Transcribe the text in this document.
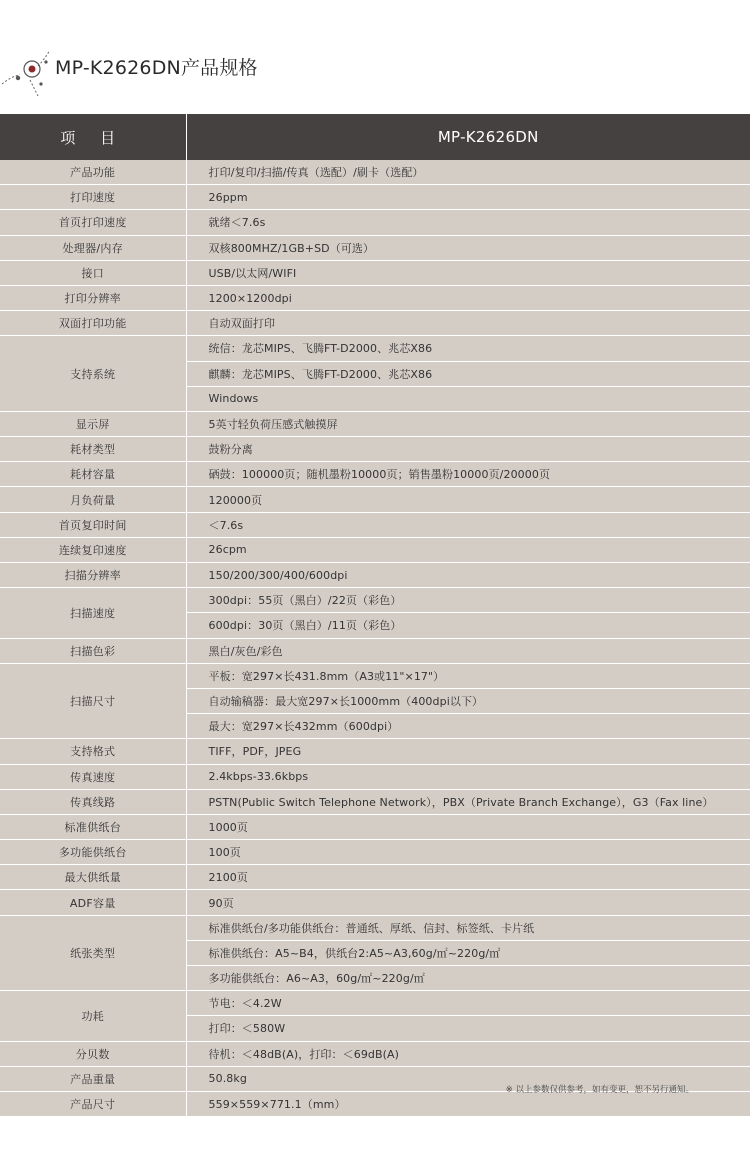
MP-K2626DN产品规格
项 目	MP-K2626DN
产品功能	打印/复印/扫描/传真（选配）/刷卡（选配）
打印速度	26ppm
首页打印速度	就绪＜7.6s
处理器/内存	双核800MHZ/1GB+SD（可选）
接口	USB/以太网/WIFI
打印分辨率	1200×1200dpi
双面打印功能	自动双面打印
支持系统	统信：龙芯MIPS、飞腾FT-D2000、兆芯X86
	麒麟：龙芯MIPS、飞腾FT-D2000、兆芯X86
	Windows
显示屏	5英寸轻负荷压感式触摸屏
耗材类型	鼓粉分离
耗材容量	硒鼓：100000页；随机墨粉10000页；销售墨粉10000页/20000页
月负荷量	120000页
首页复印时间	＜7.6s
连续复印速度	26cpm
扫描分辨率	150/200/300/400/600dpi
扫描速度	300dpi：55页（黑白）/22页（彩色）
	600dpi：30页（黑白）/11页（彩色）
扫描色彩	黑白/灰色/彩色
扫描尺寸	平板：宽297×长431.8mm（A3或11"×17"）
	自动输稿器：最大宽297×长1000mm（400dpi以下）
	最大：宽297×长432mm（600dpi）
支持格式	TIFF，PDF，JPEG
传真速度	2.4kbps-33.6kbps
传真线路	PSTN(Public Switch Telephone Network），PBX（Private Branch Exchange），G3（Fax line）
标准供纸台	1000页
多功能供纸台	100页
最大供纸量	2100页
ADF容量	90页
纸张类型	标准供纸台/多功能供纸台：普通纸、厚纸、信封、标签纸、卡片纸
	标准供纸台：A5~B4，供纸台2:A5~A3,60g/㎡~220g/㎡
	多功能供纸台：A6~A3，60g/㎡~220g/㎡
功耗	节电：＜4.2W
	打印：＜580W
分贝数	待机：＜48dB(A)，打印：＜69dB(A)
产品重量	50.8kg
产品尺寸	559×559×771.1（mm）
※ 以上参数仅供参考，如有变更，恕不另行通知。
